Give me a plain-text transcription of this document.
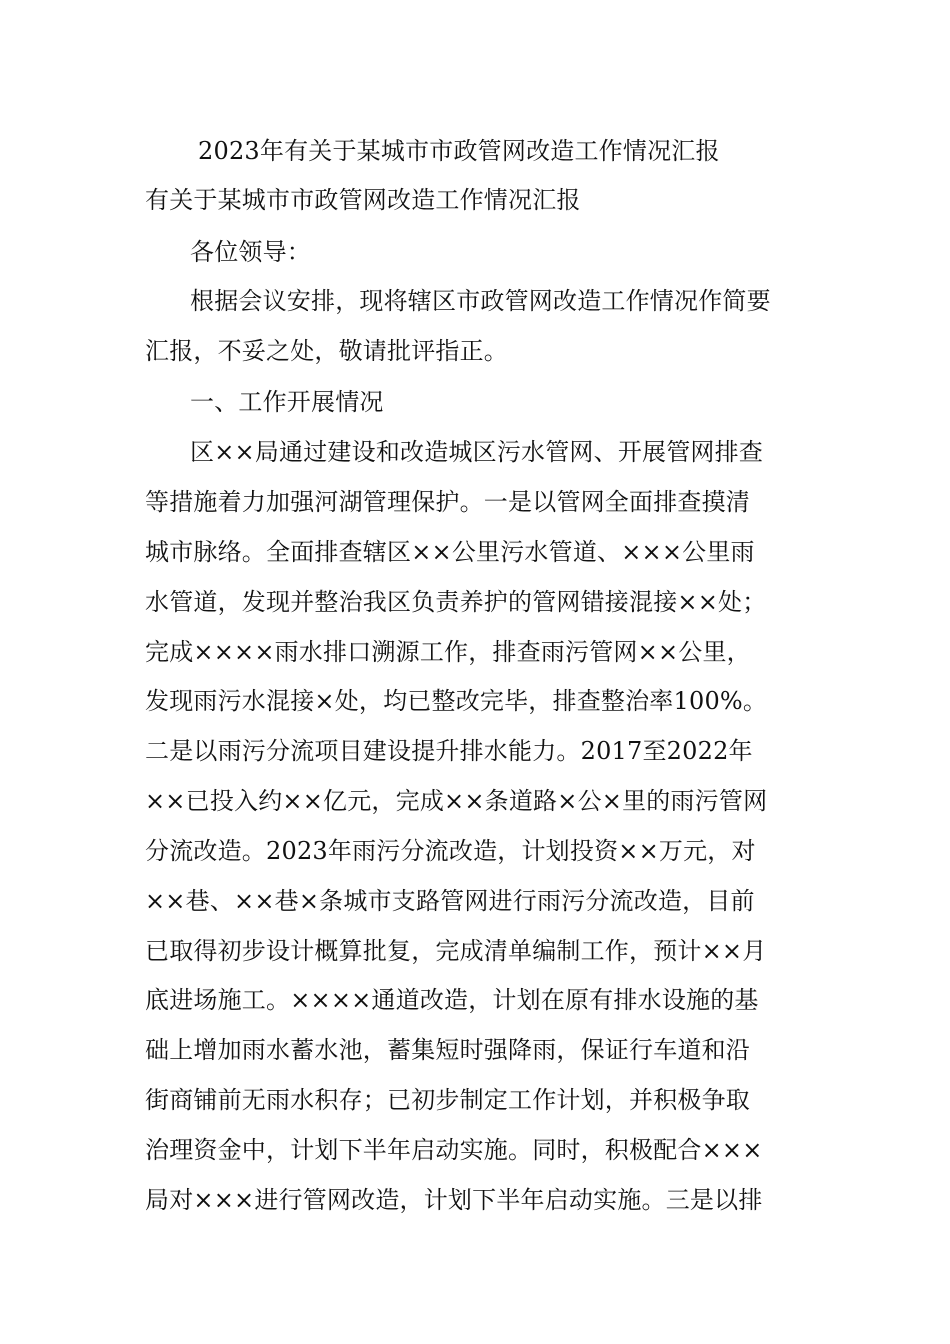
2023年有关于某城市市政管网改造工作情况汇报
有关于某城市市政管网改造工作情况汇报
各位领导：
根据会议安排，现将辖区市政管网改造工作情况作简要
汇报，不妥之处，敬请批评指正。
一、工作开展情况
区××局通过建设和改造城区污水管网、开展管网排查
等措施着力加强河湖管理保护。一是以管网全面排查摸清
城市脉络。全面排查辖区××公里污水管道、×××公里雨
水管道，发现并整治我区负责养护的管网错接混接××处；
完成××××雨水排口溯源工作，排查雨污管网××公里，
发现雨污水混接×处，均已整改完毕，排查整治率100%。
二是以雨污分流项目建设提升排水能力。2017至2022年
××已投入约××亿元，完成××条道路×公×里的雨污管网
分流改造。2023年雨污分流改造，计划投资××万元，对
××巷、××巷×条城市支路管网进行雨污分流改造，目前
已取得初步设计概算批复，完成清单编制工作，预计××月
底进场施工。××××通道改造，计划在原有排水设施的基
础上增加雨水蓄水池，蓄集短时强降雨，保证行车道和沿
街商铺前无雨水积存；已初步制定工作计划，并积极争取
治理资金中，计划下半年启动实施。同时，积极配合×××
局对×××进行管网改造，计划下半年启动实施。三是以排
